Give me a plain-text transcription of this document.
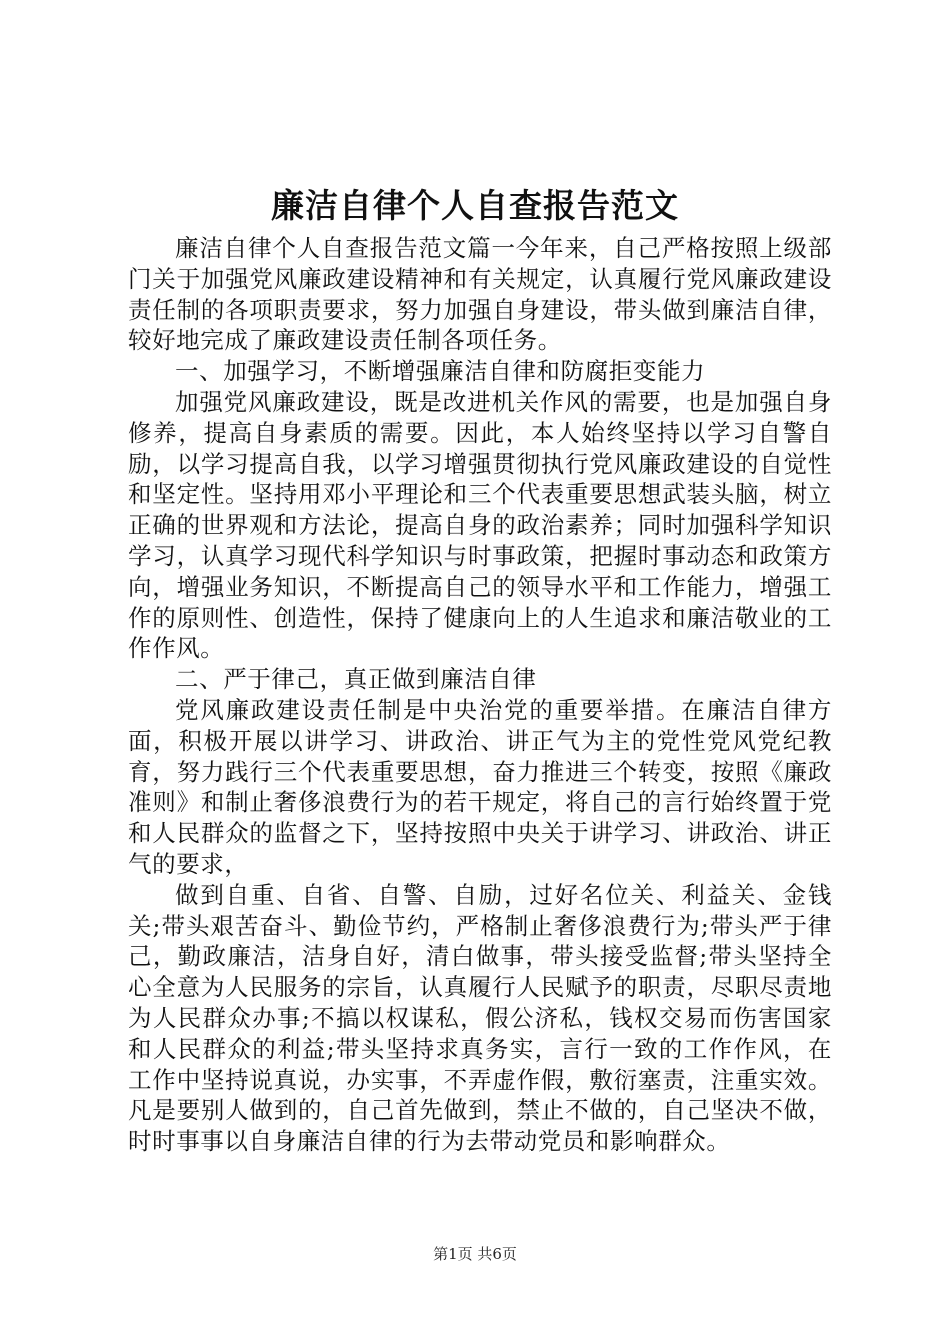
廉洁自律个人自查报告范文

廉洁自律个人自查报告范文篇一今年来，自己严格按照上级部门关于加强党风廉政建设精神和有关规定，认真履行党风廉政建设责任制的各项职责要求，努力加强自身建设，带头做到廉洁自律，较好地完成了廉政建设责任制各项任务。

一、加强学习，不断增强廉洁自律和防腐拒变能力

加强党风廉政建设，既是改进机关作风的需要，也是加强自身修养，提高自身素质的需要。因此，本人始终坚持以学习自警自励，以学习提高自我，以学习增强贯彻执行党风廉政建设的自觉性和坚定性。坚持用邓小平理论和三个代表重要思想武装头脑，树立正确的世界观和方法论，提高自身的政治素养；同时加强科学知识学习，认真学习现代科学知识与时事政策，把握时事动态和政策方向，增强业务知识，不断提高自己的领导水平和工作能力，增强工作的原则性、创造性，保持了健康向上的人生追求和廉洁敬业的工作作风。

二、严于律己，真正做到廉洁自律

党风廉政建设责任制是中央治党的重要举措。在廉洁自律方面，积极开展以讲学习、讲政治、讲正气为主的党性党风党纪教育，努力践行三个代表重要思想，奋力推进三个转变，按照《廉政准则》和制止奢侈浪费行为的若干规定，将自己的言行始终置于党和人民群众的监督之下，坚持按照中央关于讲学习、讲政治、讲正气的要求，

做到自重、自省、自警、自励，过好名位关、利益关、金钱关;带头艰苦奋斗、勤俭节约，严格制止奢侈浪费行为;带头严于律己，勤政廉洁，洁身自好，清白做事，带头接受监督;带头坚持全心全意为人民服务的宗旨，认真履行人民赋予的职责，尽职尽责地为人民群众办事;不搞以权谋私，假公济私，钱权交易而伤害国家和人民群众的利益;带头坚持求真务实，言行一致的工作作风，在工作中坚持说真说，办实事，不弄虚作假，敷衍塞责，注重实效。凡是要别人做到的，自己首先做到，禁止不做的，自己坚决不做，时时事事以自身廉洁自律的行为去带动党员和影响群众。

第1页 共6页
